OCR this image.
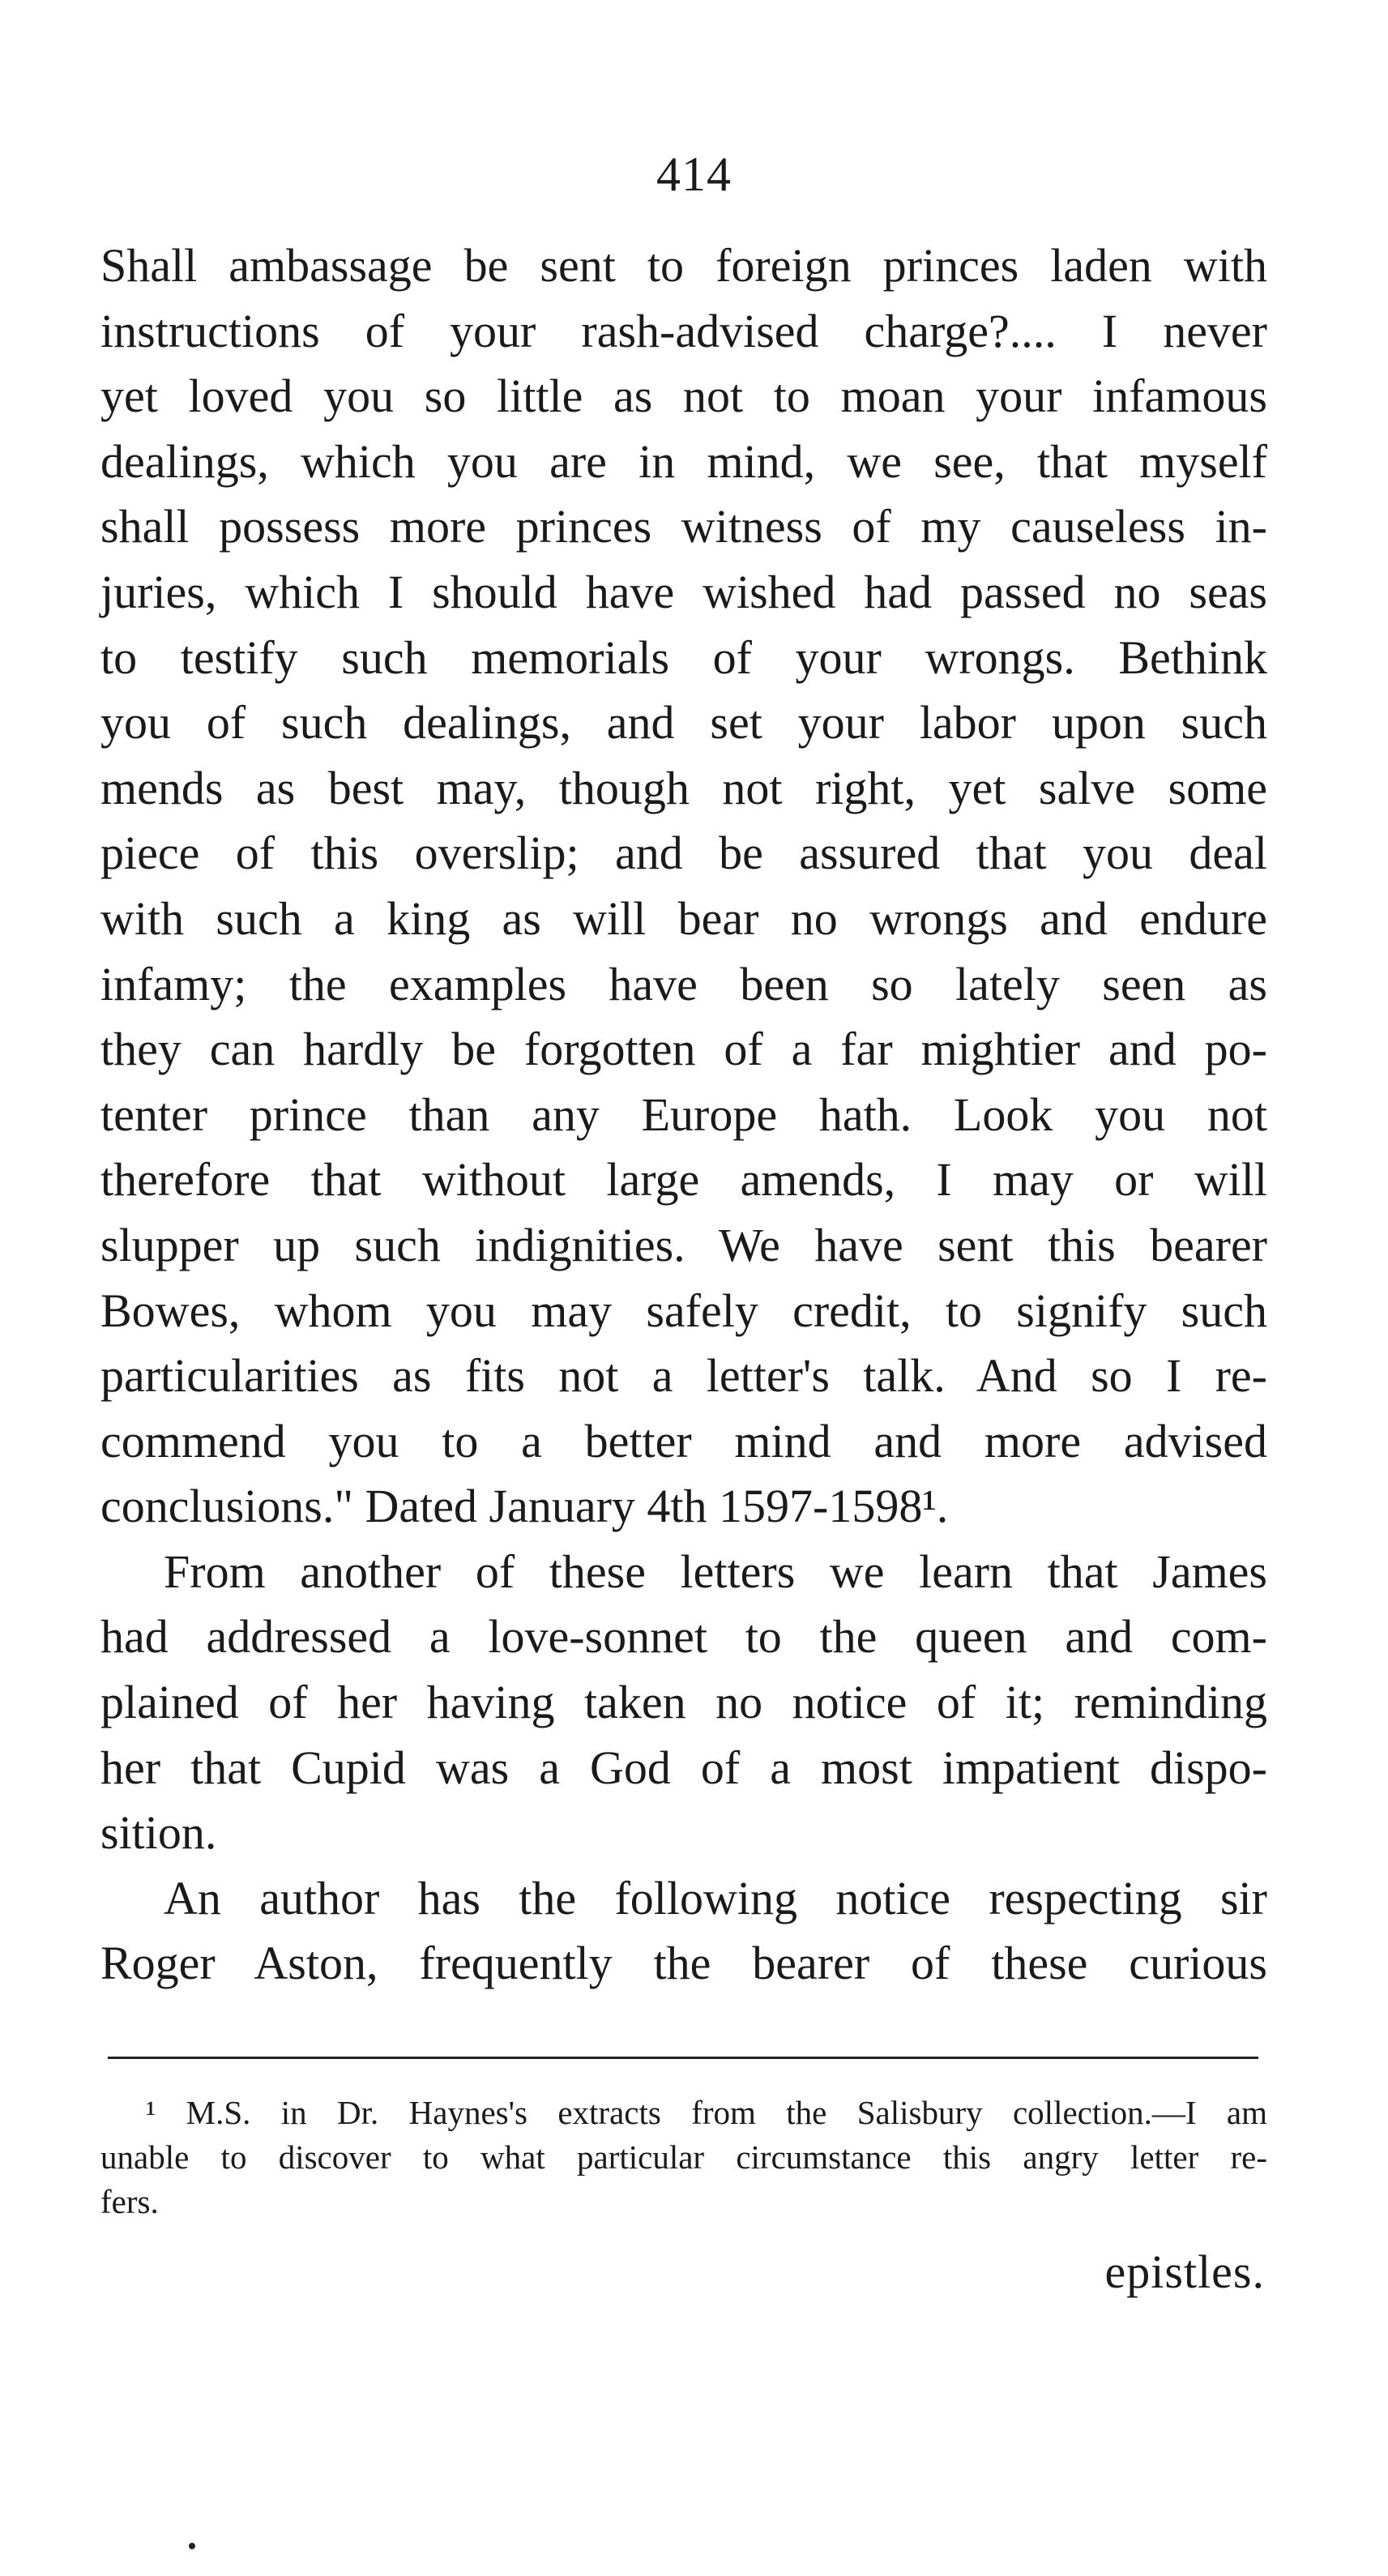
414
Shall ambassage be sent to foreign princes laden with
instructions of your rash-advised charge?.... I never
yet loved you so little as not to moan your infamous
dealings, which you are in mind, we see, that myself
shall possess more princes witness of my causeless in-
juries, which I should have wished had passed no seas
to testify such memorials of your wrongs. Bethink
you of such dealings, and set your labor upon such
mends as best may, though not right, yet salve some
piece of this overslip; and be assured that you deal
with such a king as will bear no wrongs and endure
infamy; the examples have been so lately seen as
they can hardly be forgotten of a far mightier and po-
tenter prince than any Europe hath. Look you not
therefore that without large amends, I may or will
slupper up such indignities. We have sent this bearer
Bowes, whom you may safely credit, to signify such
particularities as fits not a letter's talk. And so I re-
commend you to a better mind and more advised
conclusions." Dated January 4th 1597-1598¹.
From another of these letters we learn that James
had addressed a love-sonnet to the queen and com-
plained of her having taken no notice of it; reminding
her that Cupid was a God of a most impatient dispo-
sition.
An author has the following notice respecting sir
Roger Aston, frequently the bearer of these curious
¹ M.S. in Dr. Haynes's extracts from the Salisbury collection.—I am
unable to discover to what particular circumstance this angry letter re-
fers.
epistles.
